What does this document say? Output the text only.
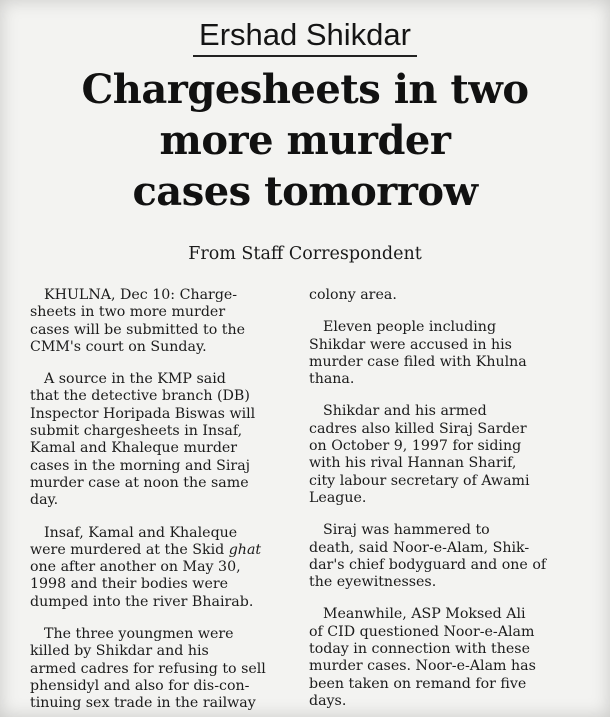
Ershad Shikdar
Chargesheets in two
more murder
cases tomorrow
From Staff Correspondent

KHULNA, Dec 10: Charge-
sheets in two more murder
cases will be submitted to the
CMM's court on Sunday.

A source in the KMP said
that the detective branch (DB)
Inspector Horipada Biswas will
submit chargesheets in Insaf,
Kamal and Khaleque murder
cases in the morning and Siraj
murder case at noon the same
day.

Insaf, Kamal and Khaleque
were murdered at the Skid ghat
one after another on May 30,
1998 and their bodies were
dumped into the river Bhairab.

The three youngmen were
killed by Shikdar and his
armed cadres for refusing to sell
phensidyl and also for dis-con-
tinuing sex trade in the railway

colony area.

Eleven people including
Shikdar were accused in his
murder case filed with Khulna
thana.

Shikdar and his armed
cadres also killed Siraj Sarder
on October 9, 1997 for siding
with his rival Hannan Sharif,
city labour secretary of Awami
League.

Siraj was hammered to
death, said Noor-e-Alam, Shik-
dar's chief bodyguard and one of
the eyewitnesses.

Meanwhile, ASP Moksed Ali
of CID questioned Noor-e-Alam
today in connection with these
murder cases. Noor-e-Alam has
been taken on remand for five
days.
